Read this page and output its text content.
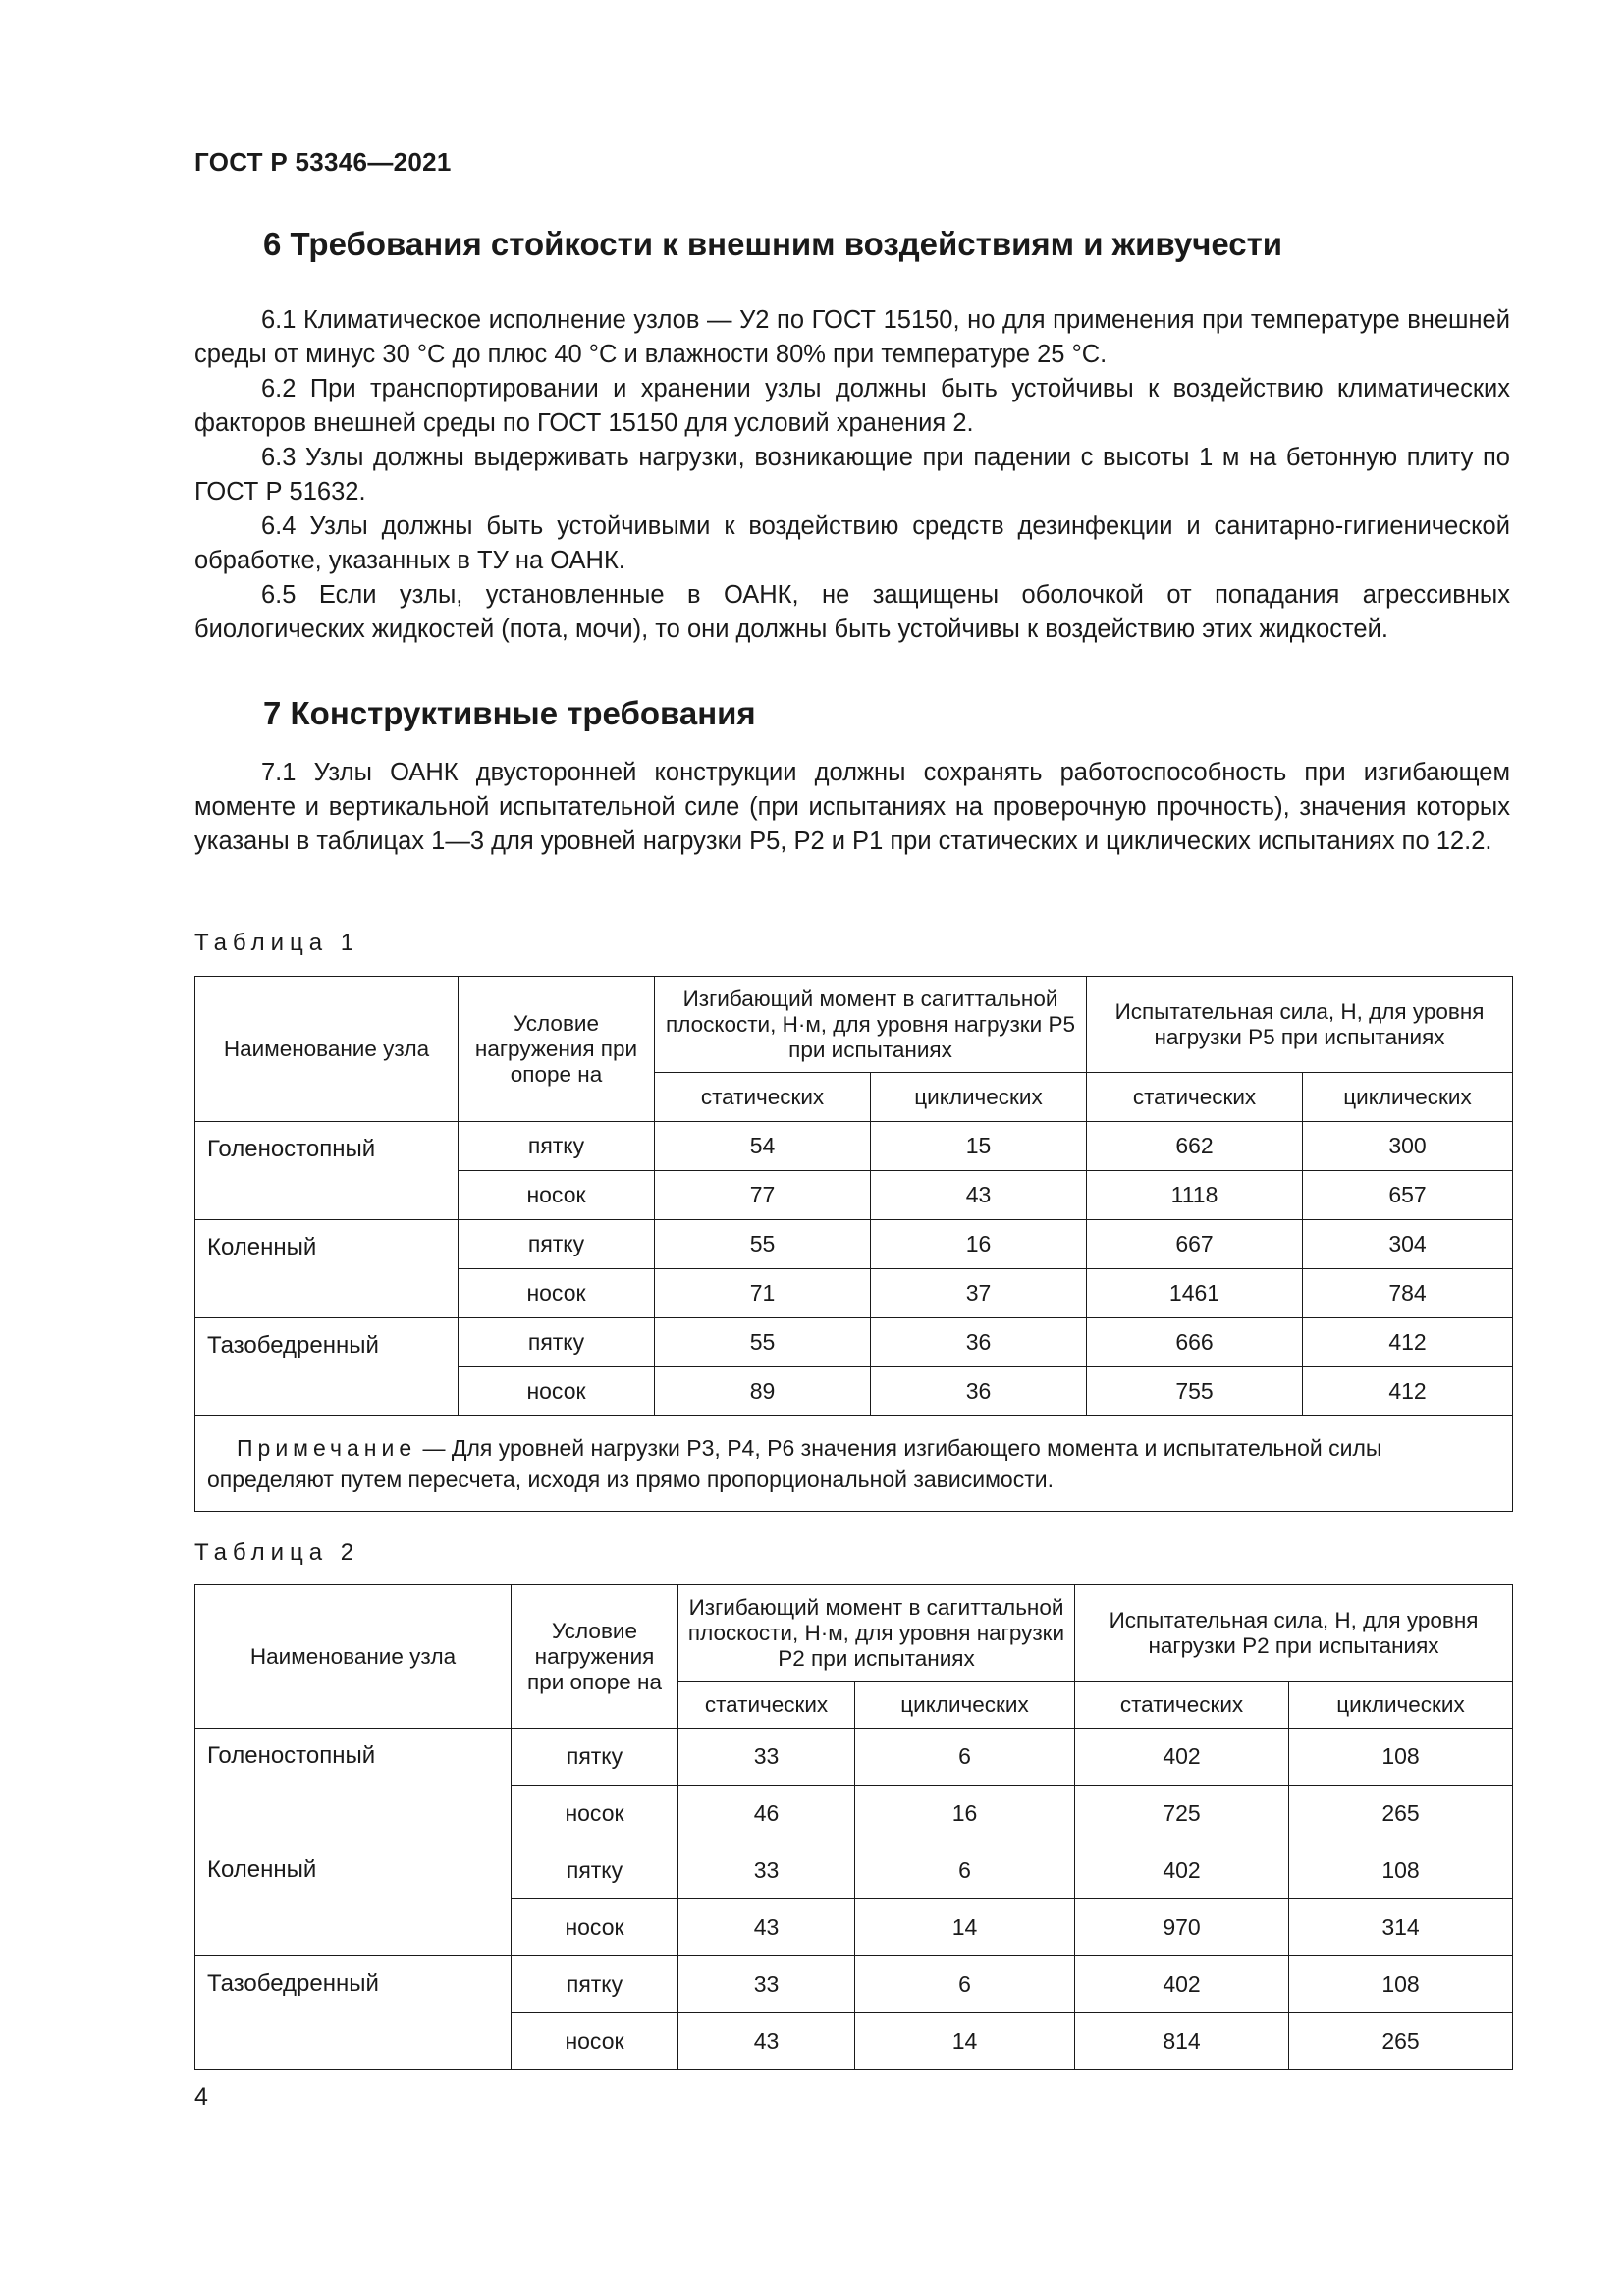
ГОСТ Р 53346—2021
6 Требования стойкости к внешним воздействиям и живучести

6.1 Климатическое исполнение узлов — У2 по ГОСТ 15150, но для применения при температуре внешней среды от минус 30 °C до плюс 40 °C и влажности 80% при температуре 25 °C.

6.2 При транспортировании и хранении узлы должны быть устойчивы к воздействию климатических факторов внешней среды по ГОСТ 15150 для условий хранения 2.

6.3 Узлы должны выдерживать нагрузки, возникающие при падении с высоты 1 м на бетонную плиту по ГОСТ Р 51632.

6.4 Узлы должны быть устойчивыми к воздействию средств дезинфекции и санитарно-гигиенической обработке, указанных в ТУ на ОАНК.

6.5 Если узлы, установленные в ОАНК, не защищены оболочкой от попадания агрессивных биологических жидкостей (пота, мочи), то они должны быть устойчивы к воздействию этих жидкостей.

7 Конструктивные требования

7.1 Узлы ОАНК двусторонней конструкции должны сохранять работоспособность при изгибающем моменте и вертикальной испытательной силе (при испытаниях на проверочную прочность), значения которых указаны в таблицах 1—3 для уровней нагрузки Р5, Р2 и Р1 при статических и циклических испытаниях по 12.2.

Таблица 1
Наименование узла	Условие нагружения при опоре на	Изгибающий момент в сагиттальной плоскости, Н·м, для уровня нагрузки Р5 при испытаниях		Испытательная сила, Н, для уровня нагрузки Р5 при испытаниях	
		статических	циклических	статических	циклических
Голеностопный	пятку	54	15	662	300
	носок	77	43	1118	657
Коленный	пятку	55	16	667	304
	носок	71	37	1461	784
Тазобедренный	пятку	55	36	666	412
	носок	89	36	755	412
Примечание — Для уровней нагрузки Р3, Р4, Р6 значения изгибающего момента и испытательной силы определяют путем пересчета, исходя из прямо пропорциональной зависимости.					
Таблица 2
Наименование узла	Условие нагружения при опоре на	Изгибающий момент в сагиттальной плоскости, Н·м, для уровня нагрузки Р2 при испытаниях		Испытательная сила, Н, для уровня нагрузки Р2 при испытаниях	
		статических	циклических	статических	циклических
Голеностопный	пятку	33	6	402	108
	носок	46	16	725	265
Коленный	пятку	33	6	402	108
	носок	43	14	970	314
Тазобедренный	пятку	33	6	402	108
	носок	43	14	814	265
4
